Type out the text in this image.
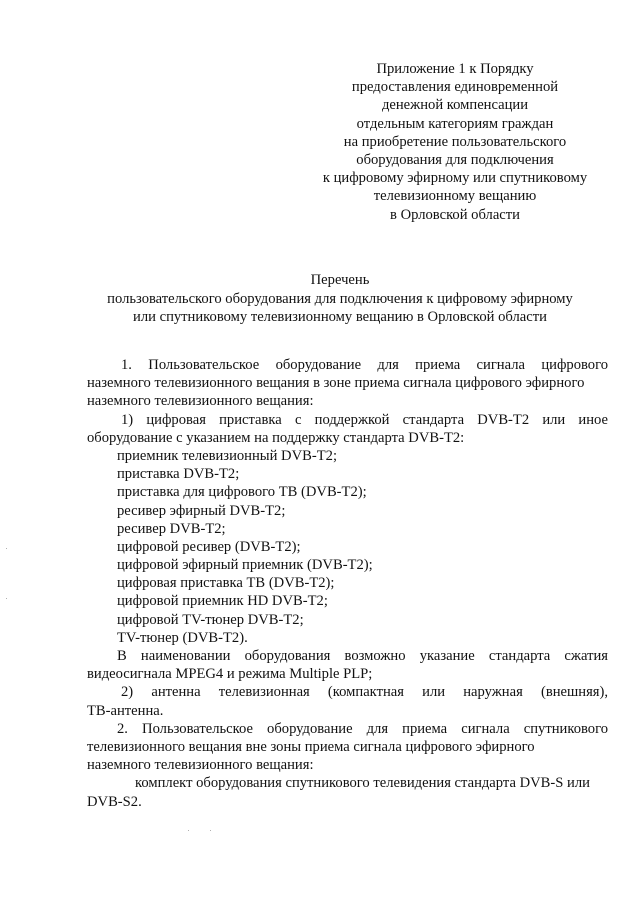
Приложение 1 к Порядку
предоставления единовременной
денежной компенсации
отдельным категориям граждан
на приобретение пользовательского
оборудования для подключения
к цифровому эфирному или спутниковому
телевизионному вещанию
в Орловской области
Перечень
пользовательского оборудования для подключения к цифровому эфирному
или спутниковому телевизионному вещанию в Орловской области
1. Пользовательское оборудование для приема сигнала цифрового
наземного телевизионного вещания в зоне приема сигнала цифрового эфирного
наземного телевизионного вещания:
1) цифровая приставка с поддержкой стандарта DVB-T2 или иное
оборудование с указанием на поддержку стандарта DVB-T2:
приемник телевизионный DVB-T2;
приставка DVB-T2;
приставка для цифрового ТВ (DVB-T2);
ресивер эфирный DVB-T2;
ресивер DVB-T2;
цифровой ресивер (DVB-T2);
цифровой эфирный приемник (DVB-T2);
цифровая приставка ТВ (DVB-T2);
цифровой приемник HD DVB-T2;
цифровой TV-тюнер DVB-T2;
TV-тюнер (DVB-T2).
В наименовании оборудования возможно указание стандарта сжатия
видеосигнала MPEG4 и режима Multiple PLP;
2) антенна телевизионная (компактная или наружная (внешняя),
ТВ-антенна.
2. Пользовательское оборудование для приема сигнала спутникового
телевизионного вещания вне зоны приема сигнала цифрового эфирного
наземного телевизионного вещания:
комплект оборудования спутникового телевидения стандарта DVB-S или
DVB-S2.
